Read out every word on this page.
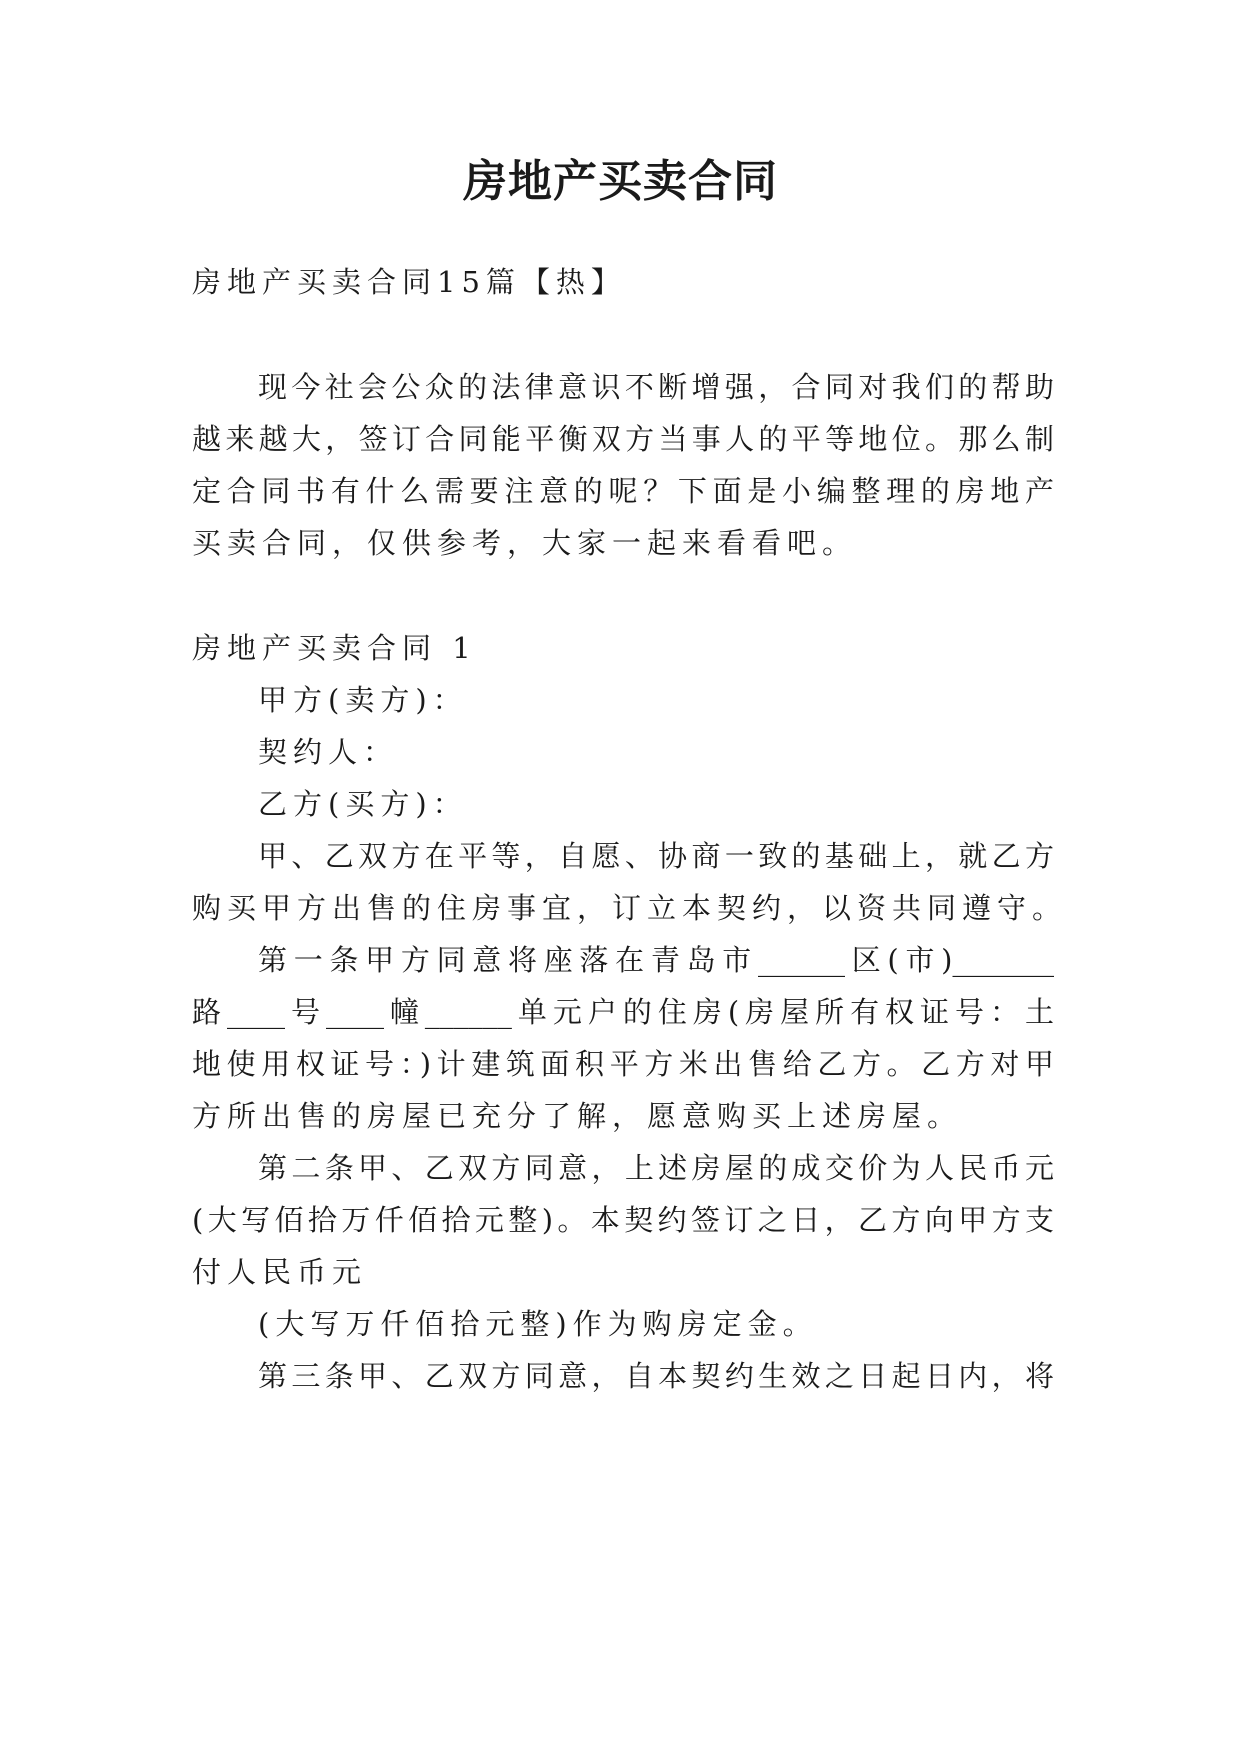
房地产买卖合同
房地产买卖合同15篇【热】
现今社会公众的法律意识不断增强，合同对我们的帮助
越来越大，签订合同能平衡双方当事人的平等地位。那么制
定合同书有什么需要注意的呢？下面是小编整理的房地产
买卖合同，仅供参考，大家一起来看看吧。
房地产买卖合同 1
甲方(卖方)：
契约人：
乙方(买方)：
甲、乙双方在平等，自愿、协商一致的基础上，就乙方
购买甲方出售的住房事宜，订立本契约，以资共同遵守。
第一条甲方同意将座落在青岛市______区(市)_______
路____号____幢______单元户的住房(房屋所有权证号：土
地使用权证号：)计建筑面积平方米出售给乙方。乙方对甲
方所出售的房屋已充分了解，愿意购买上述房屋。
第二条甲、乙双方同意，上述房屋的成交价为人民币元
(大写佰拾万仟佰拾元整)。本契约签订之日，乙方向甲方支
付人民币元
(大写万仟佰拾元整)作为购房定金。
第三条甲、乙双方同意，自本契约生效之日起日内，将
